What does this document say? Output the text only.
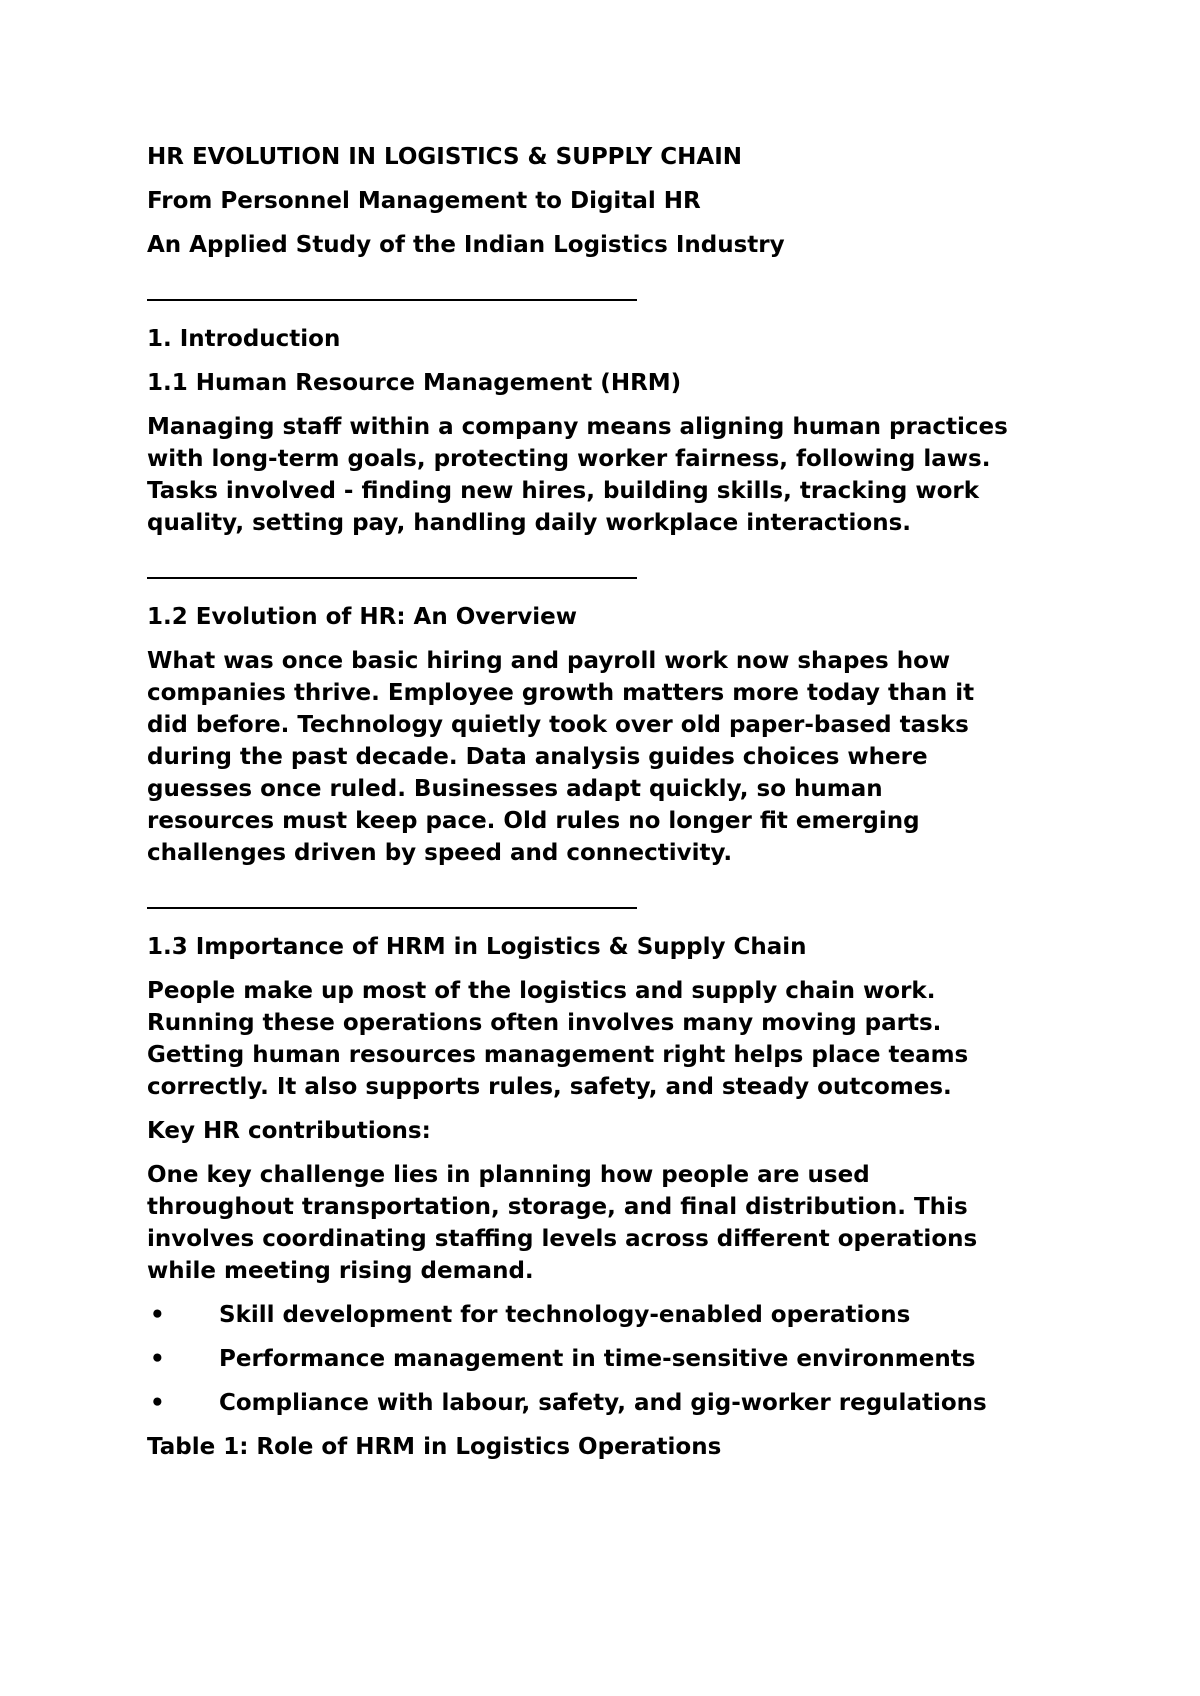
HR EVOLUTION IN LOGISTICS & SUPPLY CHAIN
From Personnel Management to Digital HR
An Applied Study of the Indian Logistics Industry
1. Introduction
1.1 Human Resource Management (HRM)
Managing staff within a company means aligning human practices
with long-term goals, protecting worker fairness, following laws.
Tasks involved - finding new hires, building skills, tracking work
quality, setting pay, handling daily workplace interactions.
1.2 Evolution of HR: An Overview
What was once basic hiring and payroll work now shapes how
companies thrive. Employee growth matters more today than it
did before. Technology quietly took over old paper-based tasks
during the past decade. Data analysis guides choices where
guesses once ruled. Businesses adapt quickly, so human
resources must keep pace. Old rules no longer fit emerging
challenges driven by speed and connectivity.
1.3 Importance of HRM in Logistics & Supply Chain
People make up most of the logistics and supply chain work.
Running these operations often involves many moving parts.
Getting human resources management right helps place teams
correctly. It also supports rules, safety, and steady outcomes.
Key HR contributions:
One key challenge lies in planning how people are used
throughout transportation, storage, and final distribution. This
involves coordinating staffing levels across different operations
while meeting rising demand.
•	Skill development for technology-enabled operations
•	Performance management in time-sensitive environments
•	Compliance with labour, safety, and gig-worker regulations
Table 1: Role of HRM in Logistics Operations
